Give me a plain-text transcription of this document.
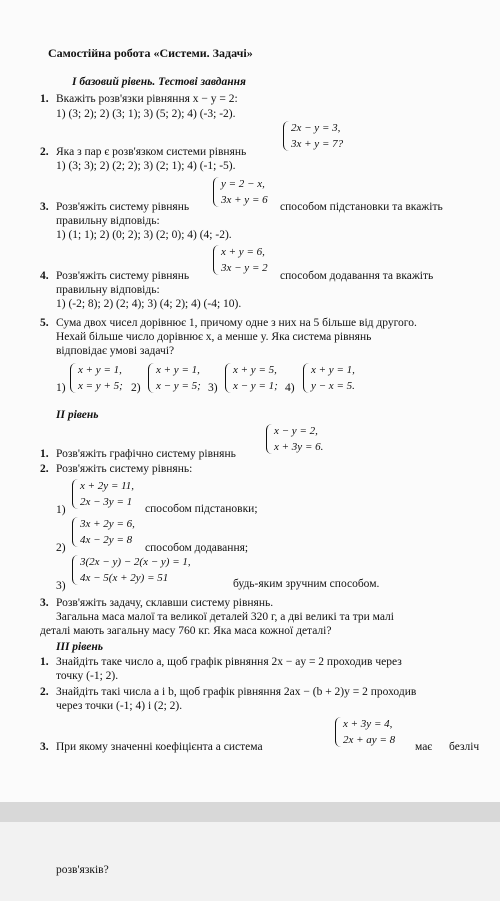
Самостійна робота «Системи. Задачі»
І базовий рівень. Тестові завдання
1. Вкажіть розв'язки рівняння x − y = 2:
1) (3; 2); 2) (3; 1); 3) (5; 2); 4) (-3; -2).
2x − y = 3,
3x + y = 7?
2. Яка з пар є розв'язком системи рівнянь
1) (3; 3); 2) (2; 2); 3) (2; 1); 4) (-1; -5).
y = 2 − x,
3x + y = 6
3. Розв'яжіть систему рівнянь	способом підстановки та вкажіть
правильну відповідь:
1) (1; 1); 2) (0; 2); 3) (2; 0); 4) (4; -2).
x + y = 6,
3x − y = 2
4. Розв'яжіть систему рівнянь	способом додавання та вкажіть
правильну відповідь:
1) (-2; 8); 2) (2; 4); 3) (4; 2); 4) (-4; 10).
5. Сума двох чисел дорівнює 1, причому одне з них на 5 більше від другого.
Нехай більше число дорівнює x, а менше y. Яка система рівнянь
відповідає умові задачі?
1)
x + y = 1,
x = y + 5; 2)
x + y = 1,
x − y = 5; 3)
x + y = 5,
x − y = 1; 4)
x + y = 1,
y − x = 5.
ІІ рівень
x − y = 2,
x + 3y = 6.
1. Розв'яжіть графічно систему рівнянь
2. Розв'яжіть систему рівнянь:
1)
x + 2y = 11,
2x − 3y = 1
способом підстановки;
2)
3x + 2y = 6,
4x − 2y = 8
способом додавання;
3)
3(2x − y) − 2(x − y) = 1,
4x − 5(x + 2y) = 51	будь-яким зручним способом.
3. Розв'яжіть задачу, склавши систему рівнянь.
Загальна маса малої та великої деталей 320 г, а дві великі та три малі
деталі мають загальну масу 760 кг. Яка маса кожної деталі?
ІІІ рівень
1. Знайдіть таке число a, щоб графік рівняння 2x − ay = 2 проходив через
точку (-1; 2).
2. Знайдіть такі числа a і b, щоб графік рівняння 2ax − (b + 2)y = 2 проходив
через точки (-1; 4) і (2; 2).
x + 3y = 4,
2x + ay = 8
3. При якому значенні коефіцієнта a система	має безліч
розв'язків?
